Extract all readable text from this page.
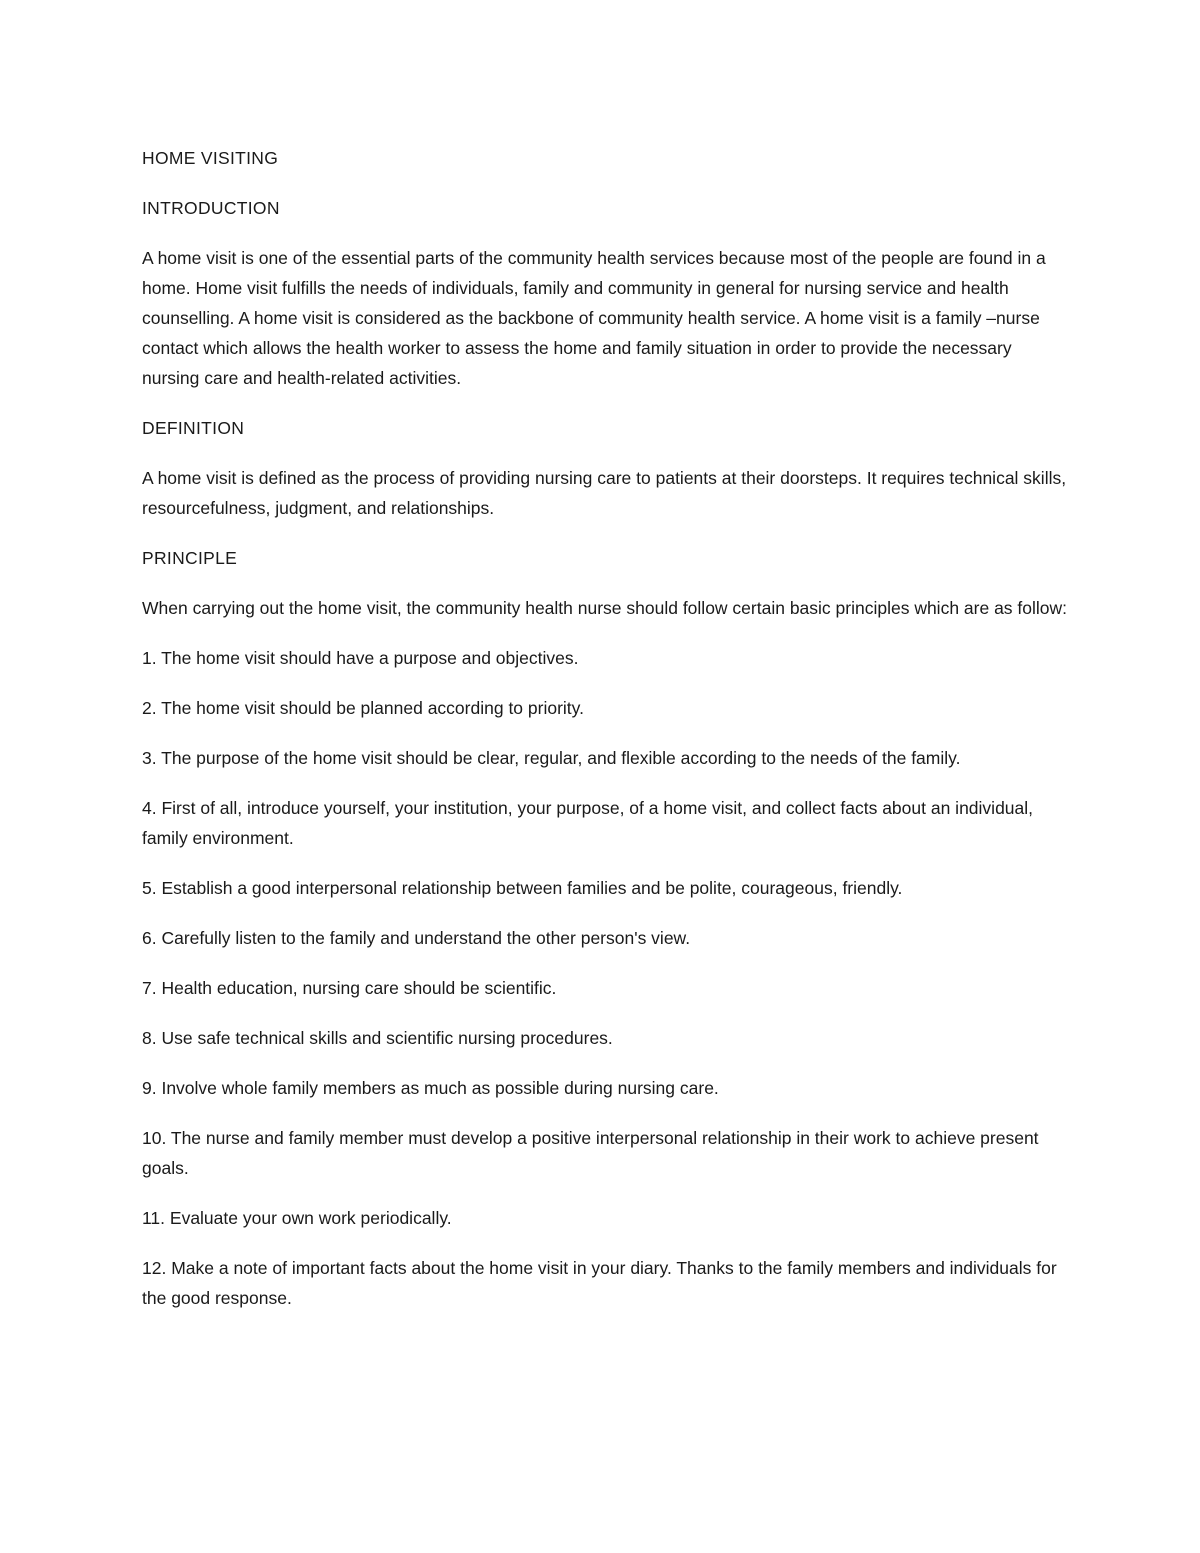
HOME VISITING

INTRODUCTION

A home visit is one of the essential parts of the community health services because most of the people are found in a home. Home visit fulfills the needs of individuals, family and community in general for nursing service and health counselling. A home visit is considered as the backbone of community health service. A home visit is a family –nurse contact which allows the health worker to assess the home and family situation in order to provide the necessary nursing care and health-related activities.

DEFINITION

A home visit is defined as the process of providing nursing care to patients at their doorsteps. It requires technical skills, resourcefulness, judgment, and relationships.

PRINCIPLE

When carrying out the home visit, the community health nurse should follow certain basic principles which are as follow:

1. The home visit should have a purpose and objectives.

2. The home visit should be planned according to priority.

3. The purpose of the home visit should be clear, regular, and flexible according to the needs of the family.

4. First of all, introduce yourself, your institution, your purpose, of a home visit, and collect facts about an individual, family environment.

5. Establish a good interpersonal relationship between families and be polite, courageous, friendly.

6. Carefully listen to the family and understand the other person's view.

7. Health education, nursing care should be scientific.

8. Use safe technical skills and scientific nursing procedures.

9. Involve whole family members as much as possible during nursing care.

10. The nurse and family member must develop a positive interpersonal relationship in their work to achieve present goals.

11. Evaluate your own work periodically.

12. Make a note of important facts about the home visit in your diary. Thanks to the family members and individuals for the good response.
